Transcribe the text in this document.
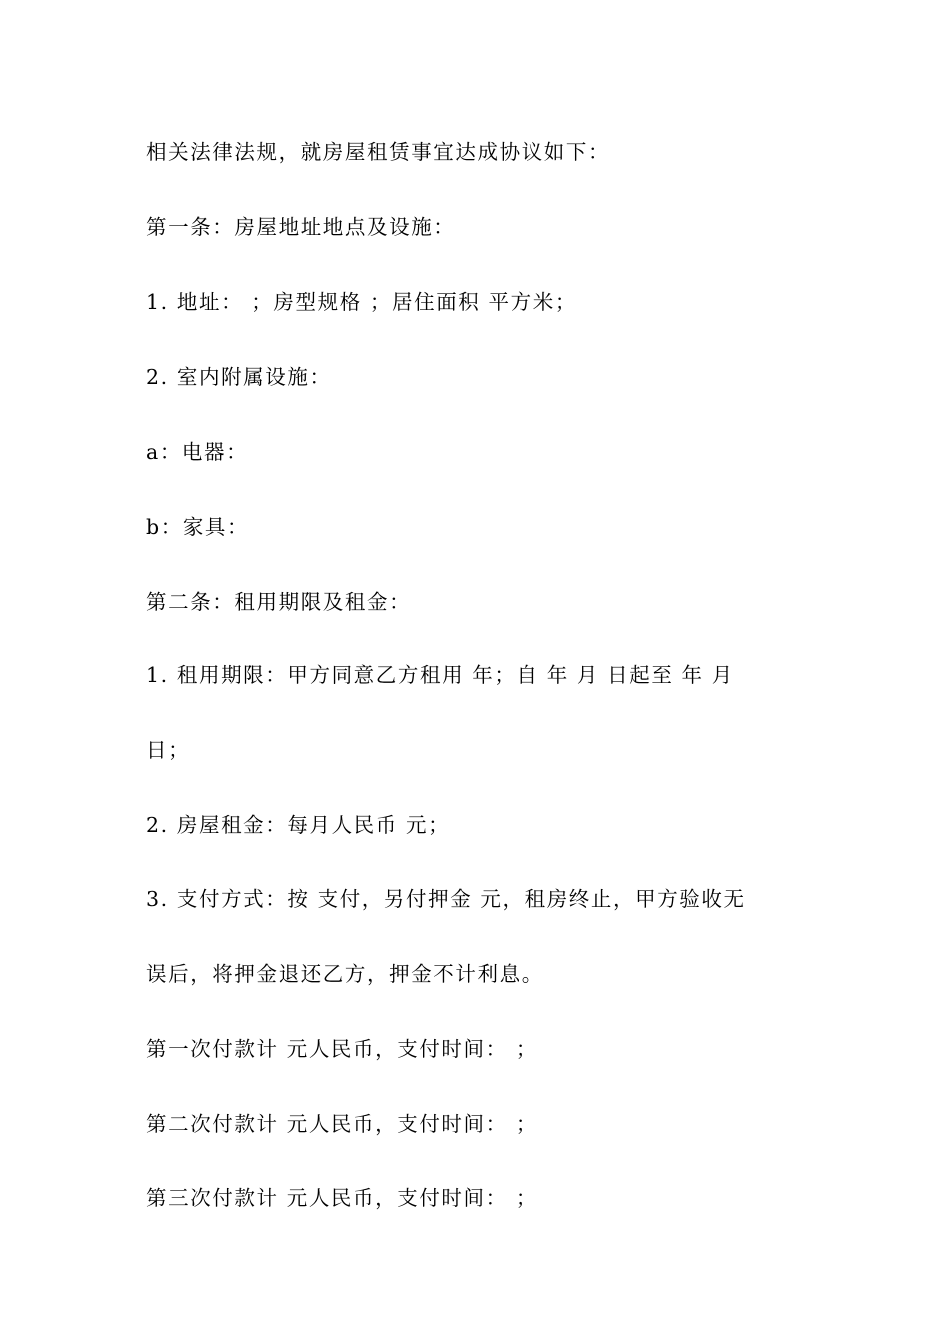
相关法律法规，就房屋租赁事宜达成协议如下：
第一条：房屋地址地点及设施：
1. 地址： ；房型规格 ；居住面积 平方米；
2. 室内附属设施：
a：电器：
b：家具：
第二条：租用期限及租金：
1. 租用期限：甲方同意乙方租用 年；自 年 月 日起至 年 月
日；
2. 房屋租金：每月人民币 元；
3. 支付方式：按 支付，另付押金 元，租房终止，甲方验收无
误后，将押金退还乙方，押金不计利息。
第一次付款计 元人民币，支付时间： ；
第二次付款计 元人民币，支付时间： ；
第三次付款计 元人民币，支付时间： ；
